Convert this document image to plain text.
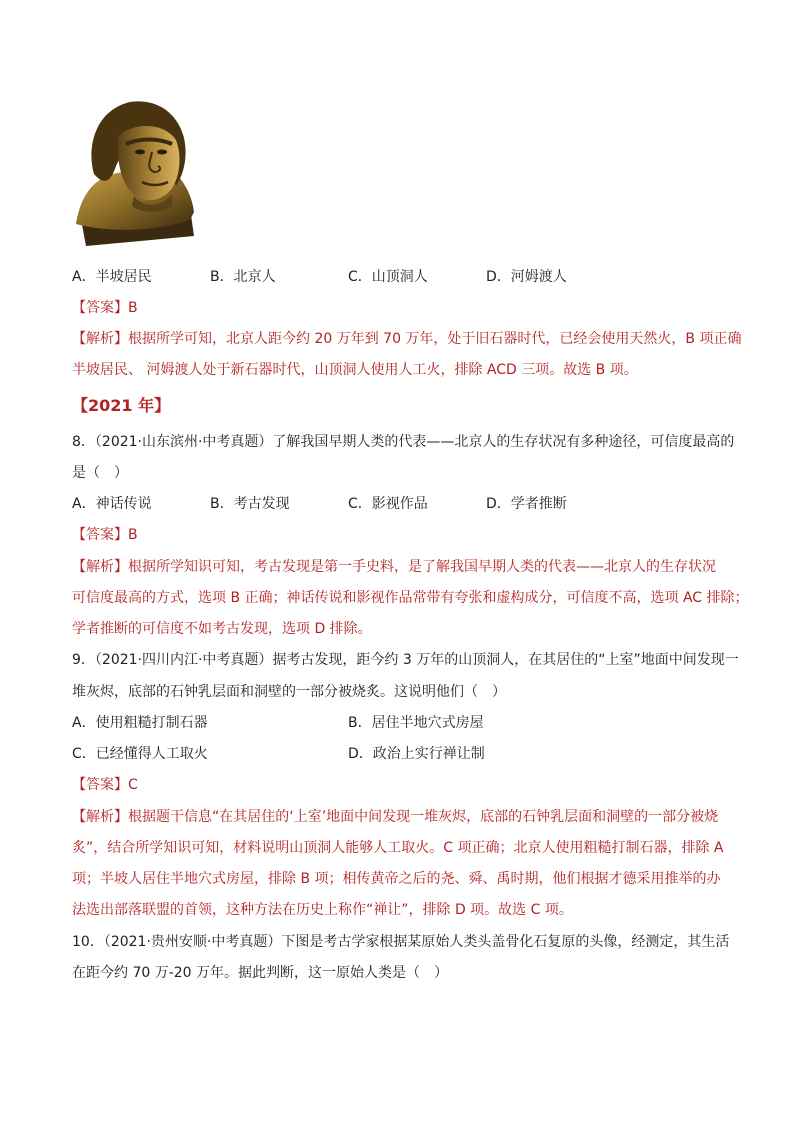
A．半坡居民	B．北京人	C．山顶洞人	D．河姆渡人
【答案】B
【解析】根据所学可知，北京人距今约 20 万年到 70 万年，处于旧石器时代，已经会使用天然火，B 项正确
半坡居民、 河姆渡人处于新石器时代，山顶洞人使用人工火，排除 ACD 三项。故选 B 项。
【2021 年】
8．（2021·山东滨州·中考真题）了解我国早期人类的代表——北京人的生存状况有多种途径，可信度最高的
是（　）
A．神话传说	B．考古发现	C．影视作品	D．学者推断
【答案】B
【解析】根据所学知识可知，考古发现是第一手史料，是了解我国早期人类的代表——北京人的生存状况
可信度最高的方式，选项 B 正确；神话传说和影视作品常带有夸张和虚构成分，可信度不高，选项 AC 排除；
学者推断的可信度不如考古发现，选项 D 排除。
9．（2021·四川内江·中考真题）据考古发现，距今约 3 万年的山顶洞人，在其居住的“上室”地面中间发现一
堆灰烬，底部的石钟乳层面和洞壁的一部分被烧炙。这说明他们（　）
A．使用粗糙打制石器	B．居住半地穴式房屋
C．已经懂得人工取火	D．政治上实行禅让制
【答案】C
【解析】根据题干信息“在其居住的‘上室’地面中间发现一堆灰烬，底部的石钟乳层面和洞壁的一部分被烧
炙”，结合所学知识可知，材料说明山顶洞人能够人工取火。C 项正确；北京人使用粗糙打制石器，排除 A
项；半坡人居住半地穴式房屋，排除 B 项；相传黄帝之后的尧、舜、禹时期，他们根据才德采用推举的办
法选出部落联盟的首领，这种方法在历史上称作“禅让”，排除 D 项。故选 C 项。
10．（2021·贵州安顺·中考真题）下图是考古学家根据某原始人类头盖骨化石复原的头像，经测定，其生活
在距今约 70 万-20 万年。据此判断，这一原始人类是（　）
